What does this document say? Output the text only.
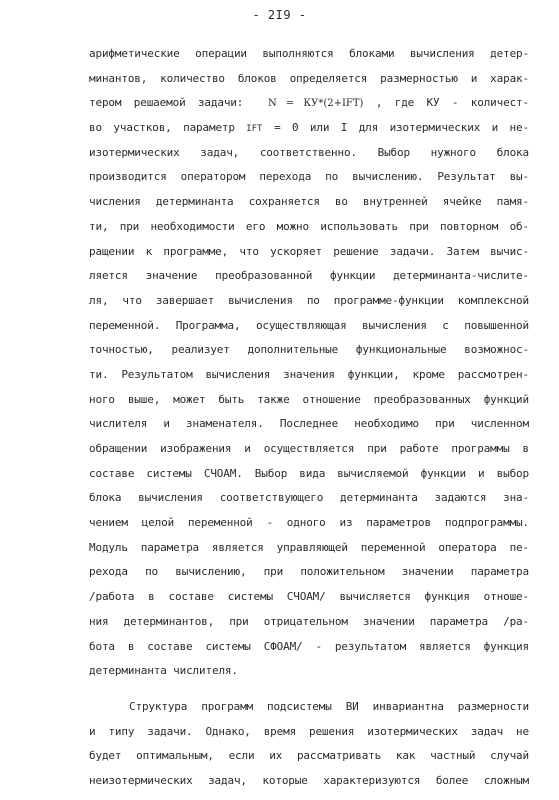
- 2I9 -
арифметические операции выполняются блоками вычисления детер-
минантов, количество блоков определяется размерностью и харак-
тером решаемой задачи: N = КУ*(2+IFT) , где КУ - количест-
во участков, параметр IFT = 0 или I для изотермических и не-
изотермических задач, соответственно. Выбор нужного блока
производится оператором перехода по вычислению. Результат вы-
числения детерминанта сохраняется во внутренней ячейке памя-
ти, при необходимости его можно использовать при повторном об-
ращении к программе, что ускоряет решение задачи. Затем вычис-
ляется значение преобразованной функции детерминанта-числите-
ля, что завершает вычисления по программе-функции комплексной
переменной. Программа, осуществляющая вычисления с повышенной
точностью, реализует дополнительные функциональные возможнос-
ти. Результатом вычисления значения функции, кроме рассмотрен-
ного выше, может быть также отношение преобразованных функций
числителя и знаменателя. Последнее необходимо при численном
обращении изображения и осуществляется при работе программы в
составе системы СЧОАМ. Выбор вида вычисляемой функции и выбор
блока вычисления соответствующего детерминанта задаются зна-
чением целой переменной - одного из параметров подпрограммы.
Модуль параметра является управляющей переменной оператора пе-
рехода по вычислению, при положительном значении параметра
/работа в составе системы СЧОАМ/ вычисляется функция отноше-
ния детерминантов, при отрицательном значении параметра /ра-
бота в составе системы СФОАМ/ - результатом является функция
детерминанта числителя.
Структура программ подсистемы ВИ инвариантна размерности
и типу задачи. Однако, время решения изотермических задач не
будет оптимальным, если их рассматривать как частный случай
неизотермических задач, которые характеризуются более сложным
